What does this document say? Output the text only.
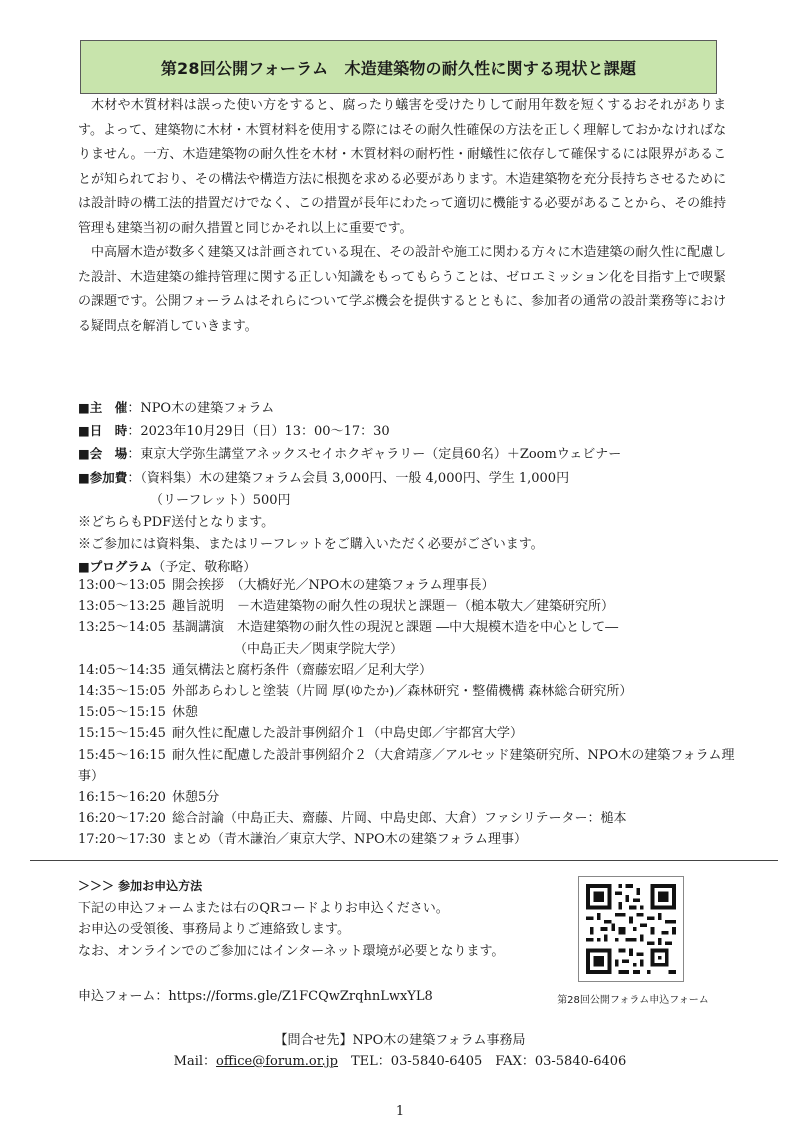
第28回公開フォーラム
　 木造建築物の耐久性に関する現状と課題

木材や木質材料は誤った使い方をすると、腐ったり蟻害を受けたりして耐用年数を短くするおそれがあります。よって、建築物に木材・木質材料を使用する際にはその耐久性確保の方法を正しく理解しておかなければなりません。一方、木造建築物の耐久性を木材・木質材料の耐朽性・耐蟻性に依存して確保するには限界があることが知られており、その構法や構造方法に根拠を求める必要があります。木造建築物を充分長持ちさせるためには設計時の構工法的措置だけでなく、この措置が長年にわたって適切に機能する必要があることから、その維持管理も建築当初の耐久措置と同じかそれ以上に重要です。

中高層木造が数多く建築又は計画されている現在、その設計や施工に関わる方々に木造建築の耐久性に配慮した設計、木造建築の維持管理に関する正しい知識をもってもらうことは、ゼロエミッション化を目指す上で喫緊の課題です。公開フォーラムはそれらについて学ぶ機会を提供するとともに、参加者の通常の設計業務等における疑問点を解消していきます。

■主　催：NPO木の建築フォラム
■日　時：2023年10月29日（日）13：00～17：30
■会　場：東京大学弥生講堂アネックスセイホクギャラリー（定員60名）＋Zoomウェビナー
■参加費：（資料集）木の建築フォラム会員 3,000円、一般 4,000円、学生 1,000円
（リーフレット）500円
※どちらもPDF送付となります。
※ご参加には資料集、またはリーフレットをご購入いただく必要がございます。
■プログラム（予定、敬称略）
13:00～13:05 開会挨拶　（大橋好光／NPO木の建築フォラム理事長）
13:05～13:25 趣旨説明　－木造建築物の耐久性の現状と課題－（槌本敬大／建築研究所）
13:25～14:05 基調講演　木造建築物の耐久性の現況と課題 ―中大規模木造を中心として―
（中島正夫／関東学院大学）
14:05～14:35 通気構法と腐朽条件（齋藤宏昭／足利大学）
14:35～15:05 外部あらわしと塗装（片岡 厚(ゆたか)／森林研究・整備機構 森林総合研究所）
15:05～15:15 休憩
15:15～15:45 耐久性に配慮した設計事例紹介１（中島史郎／宇都宮大学）
15:45～16:15 耐久性に配慮した設計事例紹介２（大倉靖彦／アルセッド建築研究所、NPO木の建築フォラム理事）
16:15～16:20 休憩5分
16:20～17:20 総合討論（中島正夫、齋藤、片岡、中島史郎、大倉）ファシリテーター：槌本
17:20～17:30 まとめ（青木謙治／東京大学、NPO木の建築フォラム理事）
＞＞＞ 参加お申込方法
下記の申込フォームまたは右のQRコードよりお申込ください。
お申込の受領後、事務局よりご連絡致します。
なお、オンラインでのご参加にはインターネット環境が必要となります。
申込フォーム：https://forms.gle/Z1FCQwZrqhnLwxYL8	第28回公開フォラム申込フォーム
【問合せ先】NPO木の建築フォラム事務局
Mail：office@forum.or.jp　TEL：03-5840-6405　FAX：03-5840-6406
1
